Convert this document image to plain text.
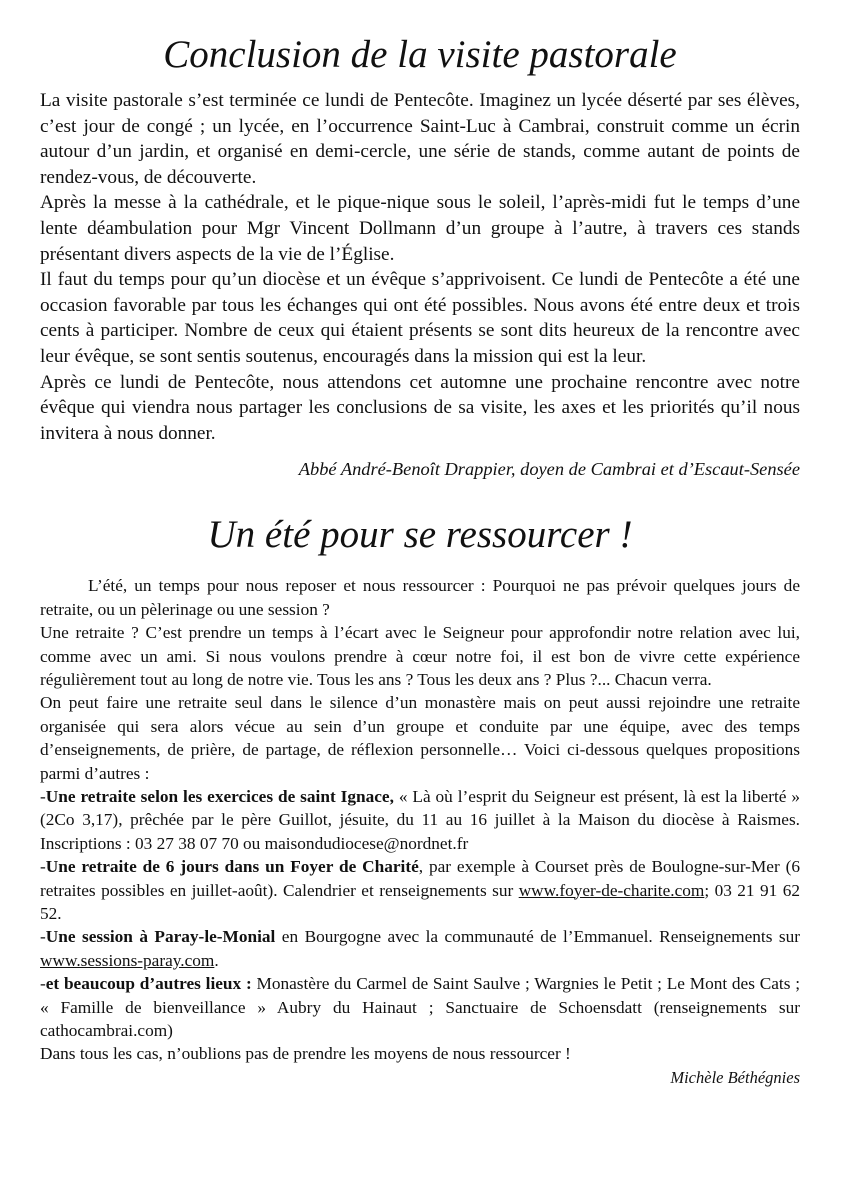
Conclusion de la visite pastorale

La visite pastorale s’est terminée ce lundi de Pentecôte. Imaginez un lycée déserté par ses élèves, c’est jour de congé ; un lycée, en l’occurrence Saint-Luc à Cambrai, construit comme un écrin autour d’un jardin, et organisé en demi-cercle, une série de stands, comme autant de points de rendez-vous, de découverte.

Après la messe à la cathédrale, et le pique-nique sous le soleil, l’après-midi fut le temps d’une lente déambulation pour Mgr Vincent Dollmann d’un groupe à l’autre, à travers ces stands présentant divers aspects de la vie de l’Église.

Il faut du temps pour qu’un diocèse et un évêque s’apprivoisent. Ce lundi de Pentecôte a été une occasion favorable par tous les échanges qui ont été possibles. Nous avons été entre deux et trois cents à participer. Nombre de ceux qui étaient présents se sont dits heureux de la rencontre avec leur évêque, se sont sentis soutenus, encouragés dans la mission qui est la leur.

Après ce lundi de Pentecôte, nous attendons cet automne une prochaine rencontre avec notre évêque qui viendra nous partager les conclusions de sa visite, les axes et les priorités qu’il nous invitera à nous donner.

Abbé André-Benoît Drappier, doyen de Cambrai et d’Escaut-Sensée
Un été pour se ressourcer !

L’été, un temps pour nous reposer et nous ressourcer : Pourquoi ne pas prévoir quelques jours de retraite, ou un pèlerinage ou une session ?

Une retraite ? C’est prendre un temps à l’écart avec le Seigneur pour approfondir notre relation avec lui, comme avec un ami. Si nous voulons prendre à cœur notre foi, il est bon de vivre cette expérience régulièrement tout au long de notre vie. Tous les ans ? Tous les deux ans ? Plus ?... Chacun verra.

On peut faire une retraite seul dans le silence d’un monastère mais on peut aussi rejoindre une retraite organisée qui sera alors vécue au sein d’un groupe et conduite par une équipe, avec des temps d’enseignements, de prière, de partage, de réflexion personnelle… Voici ci-dessous quelques propositions parmi d’autres :

-Une retraite selon les exercices de saint Ignace, « Là où l’esprit du Seigneur est présent, là est la liberté » (2Co 3,17), prêchée par le père Guillot, jésuite, du 11 au 16 juillet à la Maison du diocèse à Raismes. Inscriptions : 03 27 38 07 70 ou maisondudiocese@nordnet.fr

-Une retraite de 6 jours dans un Foyer de Charité, par exemple à Courset près de Boulogne-sur-Mer (6 retraites possibles en juillet-août). Calendrier et renseignements sur www.foyer-de-charite.com; 03 21 91 62 52.

-Une session à Paray-le-Monial en Bourgogne avec la communauté de l’Emmanuel. Renseignements sur www.sessions-paray.com.

-et beaucoup d’autres lieux : Monastère du Carmel de Saint Saulve ; Wargnies le Petit ; Le Mont des Cats ; « Famille de bienveillance » Aubry du Hainaut ; Sanctuaire de Schoensdatt (renseignements sur cathocambrai.com)

Dans tous les cas, n’oublions pas de prendre les moyens de nous ressourcer !

Michèle Béthégnies
